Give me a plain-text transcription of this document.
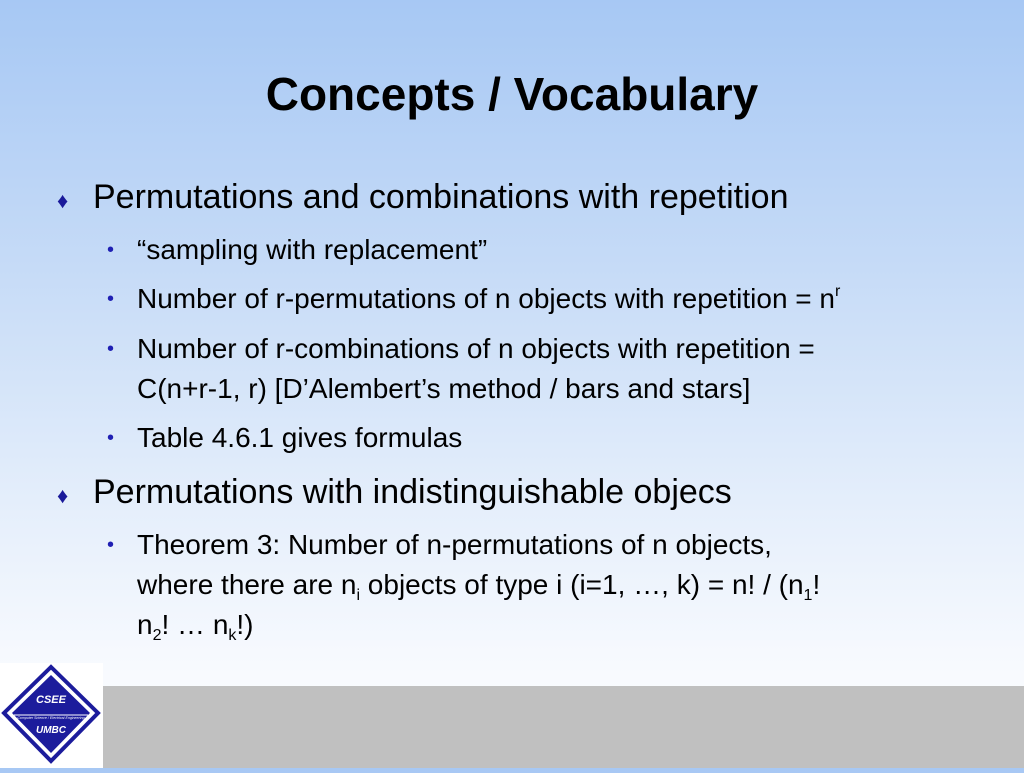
Concepts / Vocabulary
♦ Permutations and combinations with repetition
• “sampling with replacement”
• Number of r-permutations of n objects with repetition = $n^r$
• Number of r-combinations of n objects with repetition =
C(n+r-1, r) [D’Alembert’s method / bars and stars]
• Table 4.6.1 gives formulas
♦ Permutations with indistinguishable objecs
• Theorem 3: Number of n-permutations of n objects,
where there are $n_i$ objects of type i (i=1, …, k) = n! / ($n_1$!
$n_2$! … $n_k$!)
CSEE
Computer Science / Electrical Engineering
UMBC
